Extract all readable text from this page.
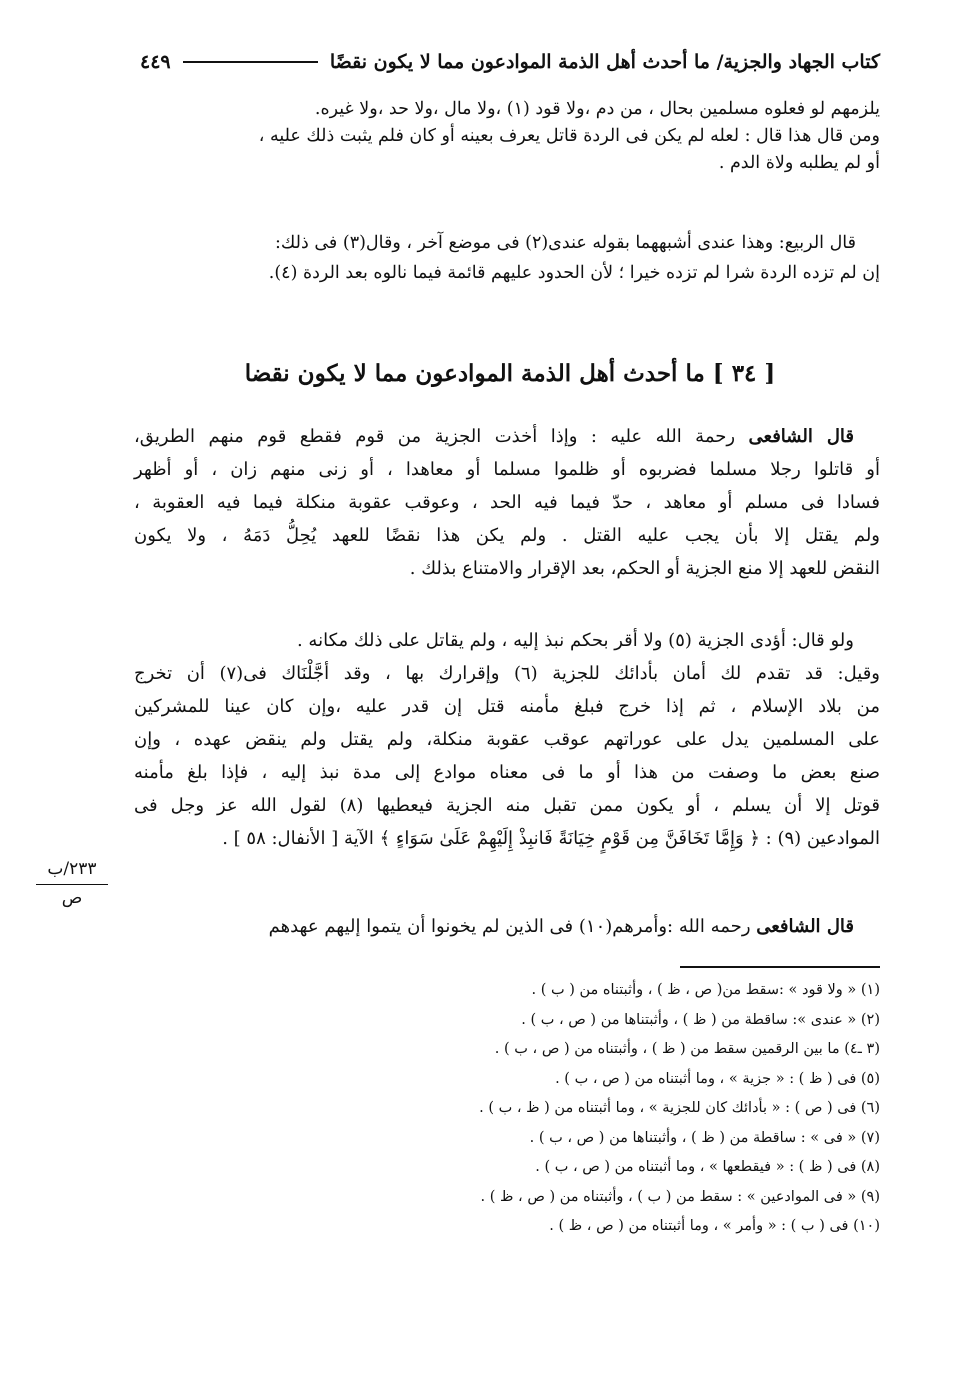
كتاب الجهاد والجزية/ ما أحدث أهل الذمة الموادعون مما لا يكون نقضًا
٤٤٩
يلزمهم لو فعلوه مسلمين بحال ، من دم ،ولا قود (١) ،ولا مال ،ولا حد ،ولا غيره.
ومن قال هذا قال : لعله لم يكن فى الردة قاتل يعرف بعينه أو كان فلم يثبت ذلك عليه ،
أو لم يطلبه ولاة الدم .
قال الربيع: وهذا عندى أشبههما بقوله عندى(٢) فى موضع آخر ، وقال(٣) فى ذلك:
إن لم تزده الردة شرا لم تزده خيرا ؛ لأن الحدود عليهم قائمة فيما نالوه بعد الردة (٤).
[ ٣٤ ] ما أحدث أهل الذمة الموادعون مما لا يكون نقضا
قال الشافعى رحمة الله عليه : وإذا أخذت الجزية من قوم فقطع قوم منهم الطريق،
أو قاتلوا رجلا مسلما فضربوه أو ظلموا مسلما أو معاهدا ، أو زنى منهم زان ، أو أظهر
فسادا فى مسلم أو معاهد ، حدّ فيما فيه الحد ، وعوقب عقوبة منكلة فيما فيه العقوبة ،
ولم يقتل إلا بأن يجب عليه القتل . ولم يكن هذا نقضًا للعهد يُحِلُّ دَمَهُ ، ولا يكون
النقض للعهد إلا منع الجزية أو الحكم، بعد الإقرار والامتناع بذلك .
ولو قال: أؤدى الجزية (٥) ولا أقر بحكم نبذ إليه ، ولم يقاتل على ذلك مكانه .
وقيل: قد تقدم لك أمان بأدائك للجزية (٦) وإقرارك بها ، وقد أجَّلْنَاك فى(٧) أن تخرج
من بلاد الإسلام ، ثم إذا خرج فبلغ مأمنه قتل إن قدر عليه ،وإن كان عينا للمشركين
على المسلمين يدل على عوراتهم عوقب عقوبة منكلة، ولم يقتل ولم ينقض عهده ، وإن
صنع بعض ما وصفت من هذا أو ما فى معناه موادع إلى مدة نبذ إليه ، فإذا بلغ مأمنه
قوتل إلا أن يسلم ، أو يكون ممن تقبل منه الجزية فيعطيها (٨) لقول الله عز وجل فى
الموادعين (٩) : ﴿ وَإِمَّا تَخَافَنَّ مِن قَوْمٍ خِيَانَةً فَانبِذْ إِلَيْهِمْ عَلَىٰ سَوَاءٍ ﴾ الآية [ الأنفال: ٥٨ ] .
قال الشافعى رحمه الله :وأمرهم(١٠) فى الذين لم يخونوا أن يتموا إليهم عهدهم
٢٣٣/ب
ص
(١) « ولا قود » :سقط من( ص ، ظ ) ، وأثبتناه من ( ب ) .
(٢) « عندى »: ساقطة من ( ظ ) ، وأثبتناها من ( ص ، ب ) .
(٣ ـ٤) ما بين الرقمين سقط من ( ظ ) ، وأثبتناه من ( ص ، ب ) .
(٥) فى ( ظ ) : « جزية » ، وما أثبتناه من ( ص ، ب ) .
(٦) فى ( ص ) : « بأدائك كان للجزية » ، وما أثبتناه من ( ظ ، ب ) .
(٧) « فى » : ساقطة من ( ظ ) ، وأثبتناها من ( ص ، ب ) .
(٨) فى ( ظ ) : « فيقطعها » ، وما أثبتناه من ( ص ، ب ) .
(٩) « فى الموادعين » : سقط من ( ب ) ، وأثبتناه من ( ص ، ظ ) .
(١٠) فى ( ب ) : « وأمر » ، وما أثبتناه من ( ص ، ظ ) .
